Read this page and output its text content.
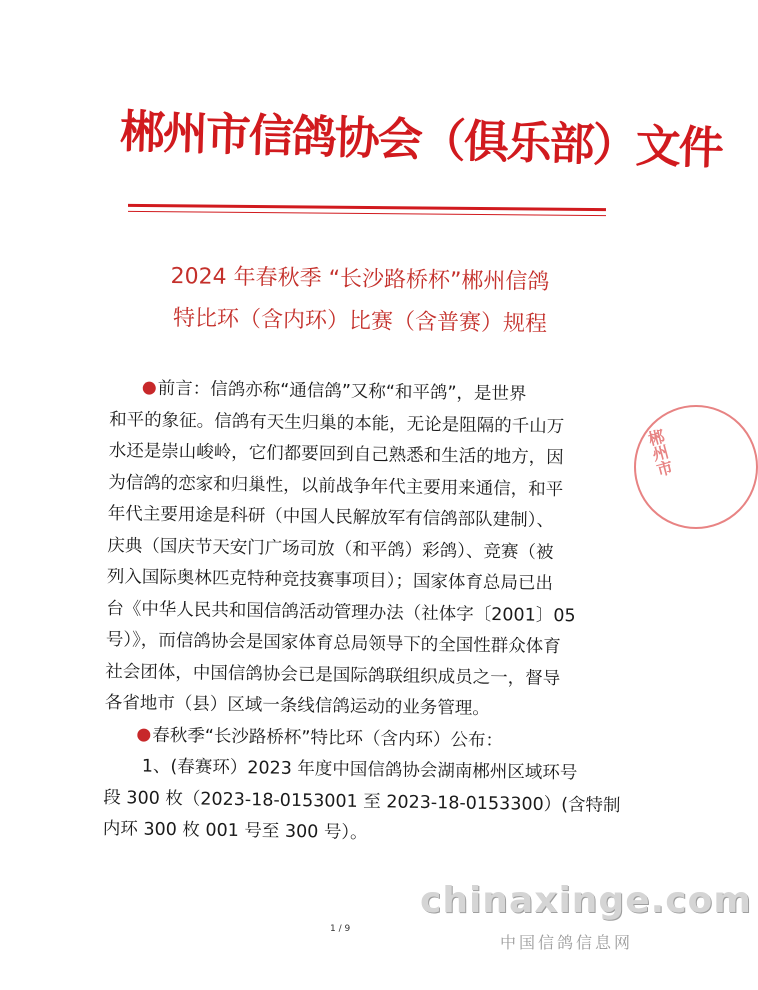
郴州市信鸽协会（俱乐部）文件
2024 年春秋季 “长沙路桥杯”郴州信鸽
特比环（含内环）比赛（含普赛）规程
前言：信鸽亦称“通信鸽”又称“和平鸽”，是世界
和平的象征。信鸽有天生归巢的本能，无论是阻隔的千山万
水还是崇山峻岭，它们都要回到自己熟悉和生活的地方，因
为信鸽的恋家和归巢性，以前战争年代主要用来通信，和平
年代主要用途是科研（中国人民解放军有信鸽部队建制）、
庆典（国庆节天安门广场司放（和平鸽）彩鸽）、竞赛（被
列入国际奥林匹克特种竞技赛事项目）；国家体育总局已出
台《中华人民共和国信鸽活动管理办法（社体字〔2001〕05
号）》，而信鸽协会是国家体育总局领导下的全国性群众体育
社会团体，中国信鸽协会已是国际鸽联组织成员之一，督导
各省地市（县）区域一条线信鸽运动的业务管理。
春秋季“长沙路桥杯”特比环（含内环）公布：
1、(春赛环）2023 年度中国信鸽协会湖南郴州区域环号
段 300 枚（2023-18-0153001 至 2023-18-0153300）(含特制
内环 300 枚 001 号至 300 号）。
郴州市
1 / 9
chinaxinge.com
中国信鸽信息网
